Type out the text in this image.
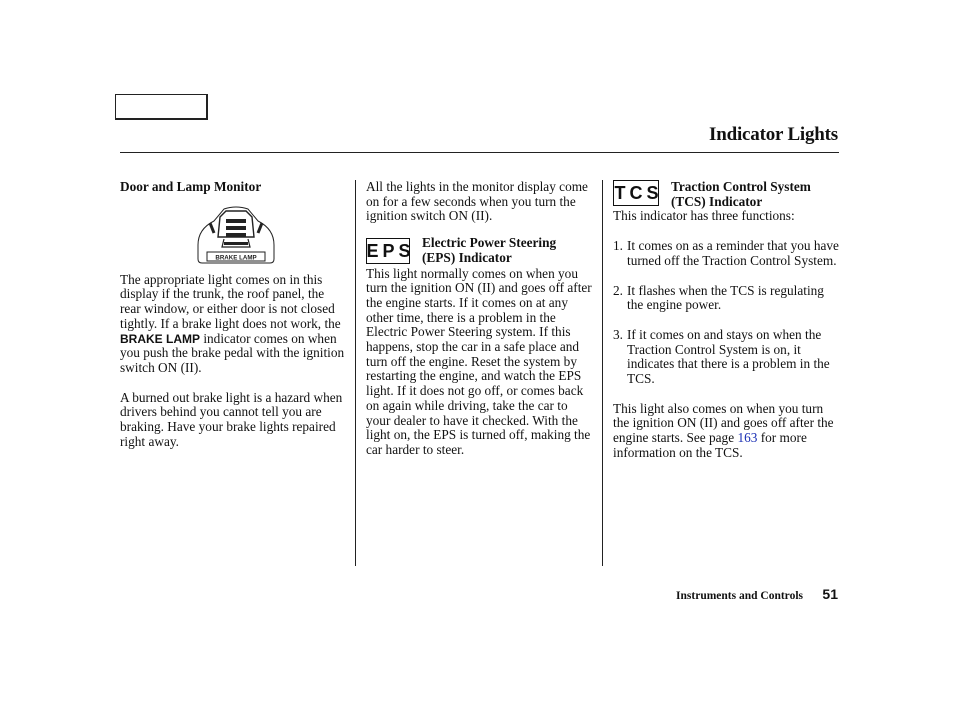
Indicator Lights

Door and Lamp Monitor

BRAKE LAMP

The appropriate light comes on in this display if the trunk, the roof panel, the rear window, or either door is not closed tightly. If a brake light does not work, the BRAKE LAMP indicator comes on when you push the brake pedal with the ignition switch ON (II).

A burned out brake light is a hazard when drivers behind you cannot tell you are braking. Have your brake lights repaired right away.

All the lights in the monitor display come on for a few seconds when you turn the ignition switch ON (II).

EPS Electric Power Steering (EPS) Indicator

This light normally comes on when you turn the ignition ON (II) and goes off after the engine starts. If it comes on at any other time, there is a problem in the Electric Power Steering system. If this happens, stop the car in a safe place and turn off the engine. Reset the system by restarting the engine, and watch the EPS light. If it does not go off, or comes back on again while driving, take the car to your dealer to have it checked. With the light on, the EPS is turned off, making the car harder to steer.

TCS Traction Control System (TCS) Indicator

This indicator has three functions:

1. It comes on as a reminder that you have turned off the Traction Control System.
2. It flashes when the TCS is regulating the engine power.
3. If it comes on and stays on when the Traction Control System is on, it indicates that there is a problem in the TCS.

This light also comes on when you turn the ignition ON (II) and goes off after the engine starts. See page 163 for more information on the TCS.

Instruments and Controls 51
